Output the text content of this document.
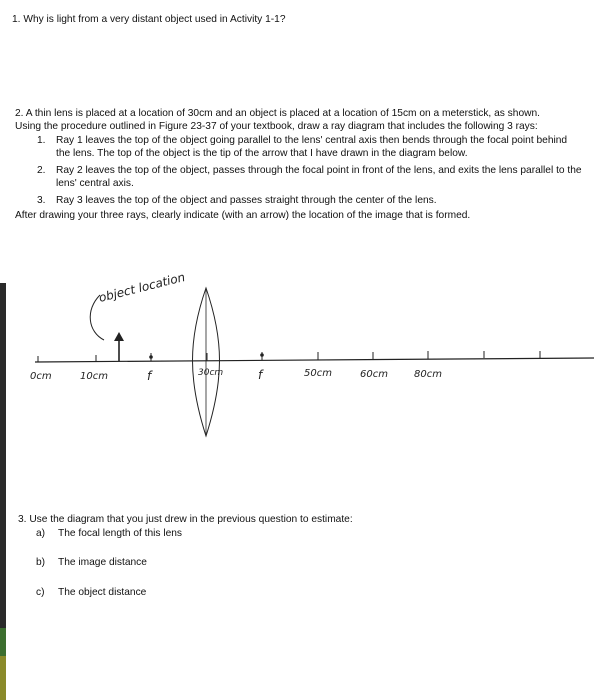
1. Why is light from a very distant object used in Activity 1-1?
2. A thin lens is placed at a location of 30cm and an object is placed at a location of 15cm on a meterstick, as shown.
Using the procedure outlined in Figure 23-37 of your textbook, draw a ray diagram that includes the following 3 rays:
1. Ray 1 leaves the top of the object going parallel to the lens' central axis then bends through the focal point behind the lens. The top of the object is the tip of the arrow that I have drawn in the diagram below.
2. Ray 2 leaves the top of the object, passes through the focal point in front of the lens, and exits the lens parallel to the lens' central axis.
3. Ray 3 leaves the top of the object and passes straight through the center of the lens.
After drawing your three rays, clearly indicate (with an arrow) the location of the image that is formed.
object location
0cm	10cm	f	30cm	f	50cm	60cm	80cm
3. Use the diagram that you just drew in the previous question to estimate:
a) The focal length of this lens
b) The image distance
c) The object distance
